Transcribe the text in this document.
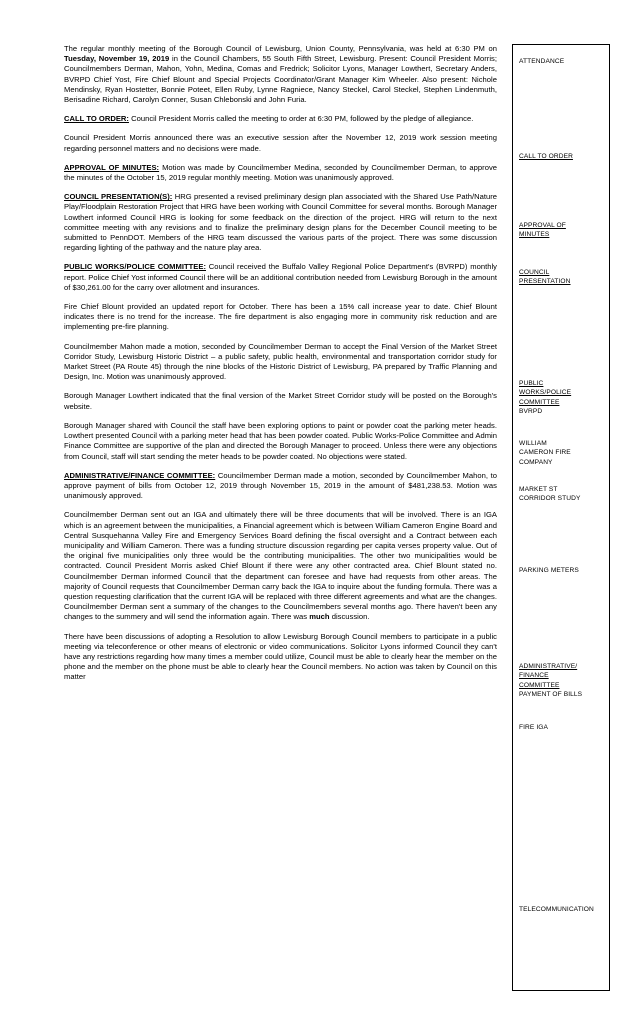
The regular monthly meeting of the Borough Council of Lewisburg, Union County, Pennsylvania, was held at 6:30 PM on Tuesday, November 19, 2019 in the Council Chambers, 55 South Fifth Street, Lewisburg. Present: Council President Morris; Councilmembers Derman, Mahon, Yohn, Medina, Comas and Fredrick; Solicitor Lyons, Manager Lowthert, Secretary Anders, BVRPD Chief Yost, Fire Chief Blount and Special Projects Coordinator/Grant Manager Kim Wheeler. Also present: Nichole Mendinsky, Ryan Hostetter, Bonnie Poteet, Ellen Ruby, Lynne Ragniece, Nancy Steckel, Carol Steckel, Stephen Lindenmuth, Berisadine Richard, Carolyn Conner, Susan Chlebonski and John Furia.

CALL TO ORDER: Council President Morris called the meeting to order at 6:30 PM, followed by the pledge of allegiance.

Council President Morris announced there was an executive session after the November 12, 2019 work session meeting regarding personnel matters and no decisions were made.

APPROVAL OF MINUTES: Motion was made by Councilmember Medina, seconded by Councilmember Derman, to approve the minutes of the October 15, 2019 regular monthly meeting. Motion was unanimously approved.

COUNCIL PRESENTATION(S): HRG presented a revised preliminary design plan associated with the Shared Use Path/Nature Play/Floodplain Restoration Project that HRG have been working with Council Committee for several months. Borough Manager Lowthert informed Council HRG is looking for some feedback on the direction of the project. HRG will return to the next committee meeting with any revisions and to finalize the preliminary design plans for the December Council meeting to be submitted to PennDOT. Members of the HRG team discussed the various parts of the project. There was some discussion regarding lighting of the pathway and the nature play area.

PUBLIC WORKS/POLICE COMMITTEE: Council received the Buffalo Valley Regional Police Department's (BVRPD) monthly report. Police Chief Yost informed Council there will be an additional contribution needed from Lewisburg Borough in the amount of $30,261.00 for the carry over allotment and insurances.

Fire Chief Blount provided an updated report for October. There has been a 15% call increase year to date. Chief Blount indicates there is no trend for the increase. The fire department is also engaging more in community risk reduction and are implementing pre-fire planning.

Councilmember Mahon made a motion, seconded by Councilmember Derman to accept the Final Version of the Market Street Corridor Study, Lewisburg Historic District – a public safety, public health, environmental and transportation corridor study for Market Street (PA Route 45) through the nine blocks of the Historic District of Lewisburg, PA prepared by Traffic Planning and Design, Inc. Motion was unanimously approved.

Borough Manager Lowthert indicated that the final version of the Market Street Corridor study will be posted on the Borough's website.

Borough Manager shared with Council the staff have been exploring options to paint or powder coat the parking meter heads. Lowthert presented Council with a parking meter head that has been powder coated. Public Works-Police Committee and Admin Finance Committee are supportive of the plan and directed the Borough Manager to proceed. Unless there were any objections from Council, staff will start sending the meter heads to be powder coated. No objections were stated.

ADMINISTRATIVE/FINANCE COMMITTEE: Councilmember Derman made a motion, seconded by Councilmember Mahon, to approve payment of bills from October 12, 2019 through November 15, 2019 in the amount of $481,238.53. Motion was unanimously approved.

Councilmember Derman sent out an IGA and ultimately there will be three documents that will be involved. There is an IGA which is an agreement between the municipalities, a Financial agreement which is between William Cameron Engine Board and Central Susquehanna Valley Fire and Emergency Services Board defining the fiscal oversight and a Contract between each municipality and William Cameron. There was a funding structure discussion regarding per capita verses property value. Out of the original five municipalities only three would be the contributing municipalities. The other two municipalities would be contracted. Council President Morris asked Chief Blount if there were any other contracted area. Chief Blount stated no. Councilmember Derman informed Council that the department can foresee and have had requests from other areas. The majority of Council requests that Councilmember Derman carry back the IGA to inquire about the funding formula. There was a question requesting clarification that the current IGA will be replaced with three different agreements and what are the changes. Councilmember Derman sent a summary of the changes to the Councilmembers several months ago. There haven't been any changes to the summery and will send the information again. There was much discussion.

There have been discussions of adopting a Resolution to allow Lewisburg Borough Council members to participate in a public meeting via teleconference or other means of electronic or video communications. Solicitor Lyons informed Council they can't have any restrictions regarding how many times a member could utilize, Council must be able to clearly hear the member on the phone and the member on the phone must be able to clearly hear the Council members. No action was taken by Council on this matter

ATTENDANCE
CALL TO ORDER
APPROVAL OF
MINUTES
COUNCIL
PRESENTATION
PUBLIC
WORKS/POLICE
COMMITTEE
BVRPD
WILLIAM
CAMERON FIRE
COMPANY
MARKET ST
CORRIDOR STUDY
PARKING METERS
ADMINISTRATIVE/
FINANCE
COMMITTEE
PAYMENT OF BILLS
FIRE IGA
TELECOMMUNICATION
